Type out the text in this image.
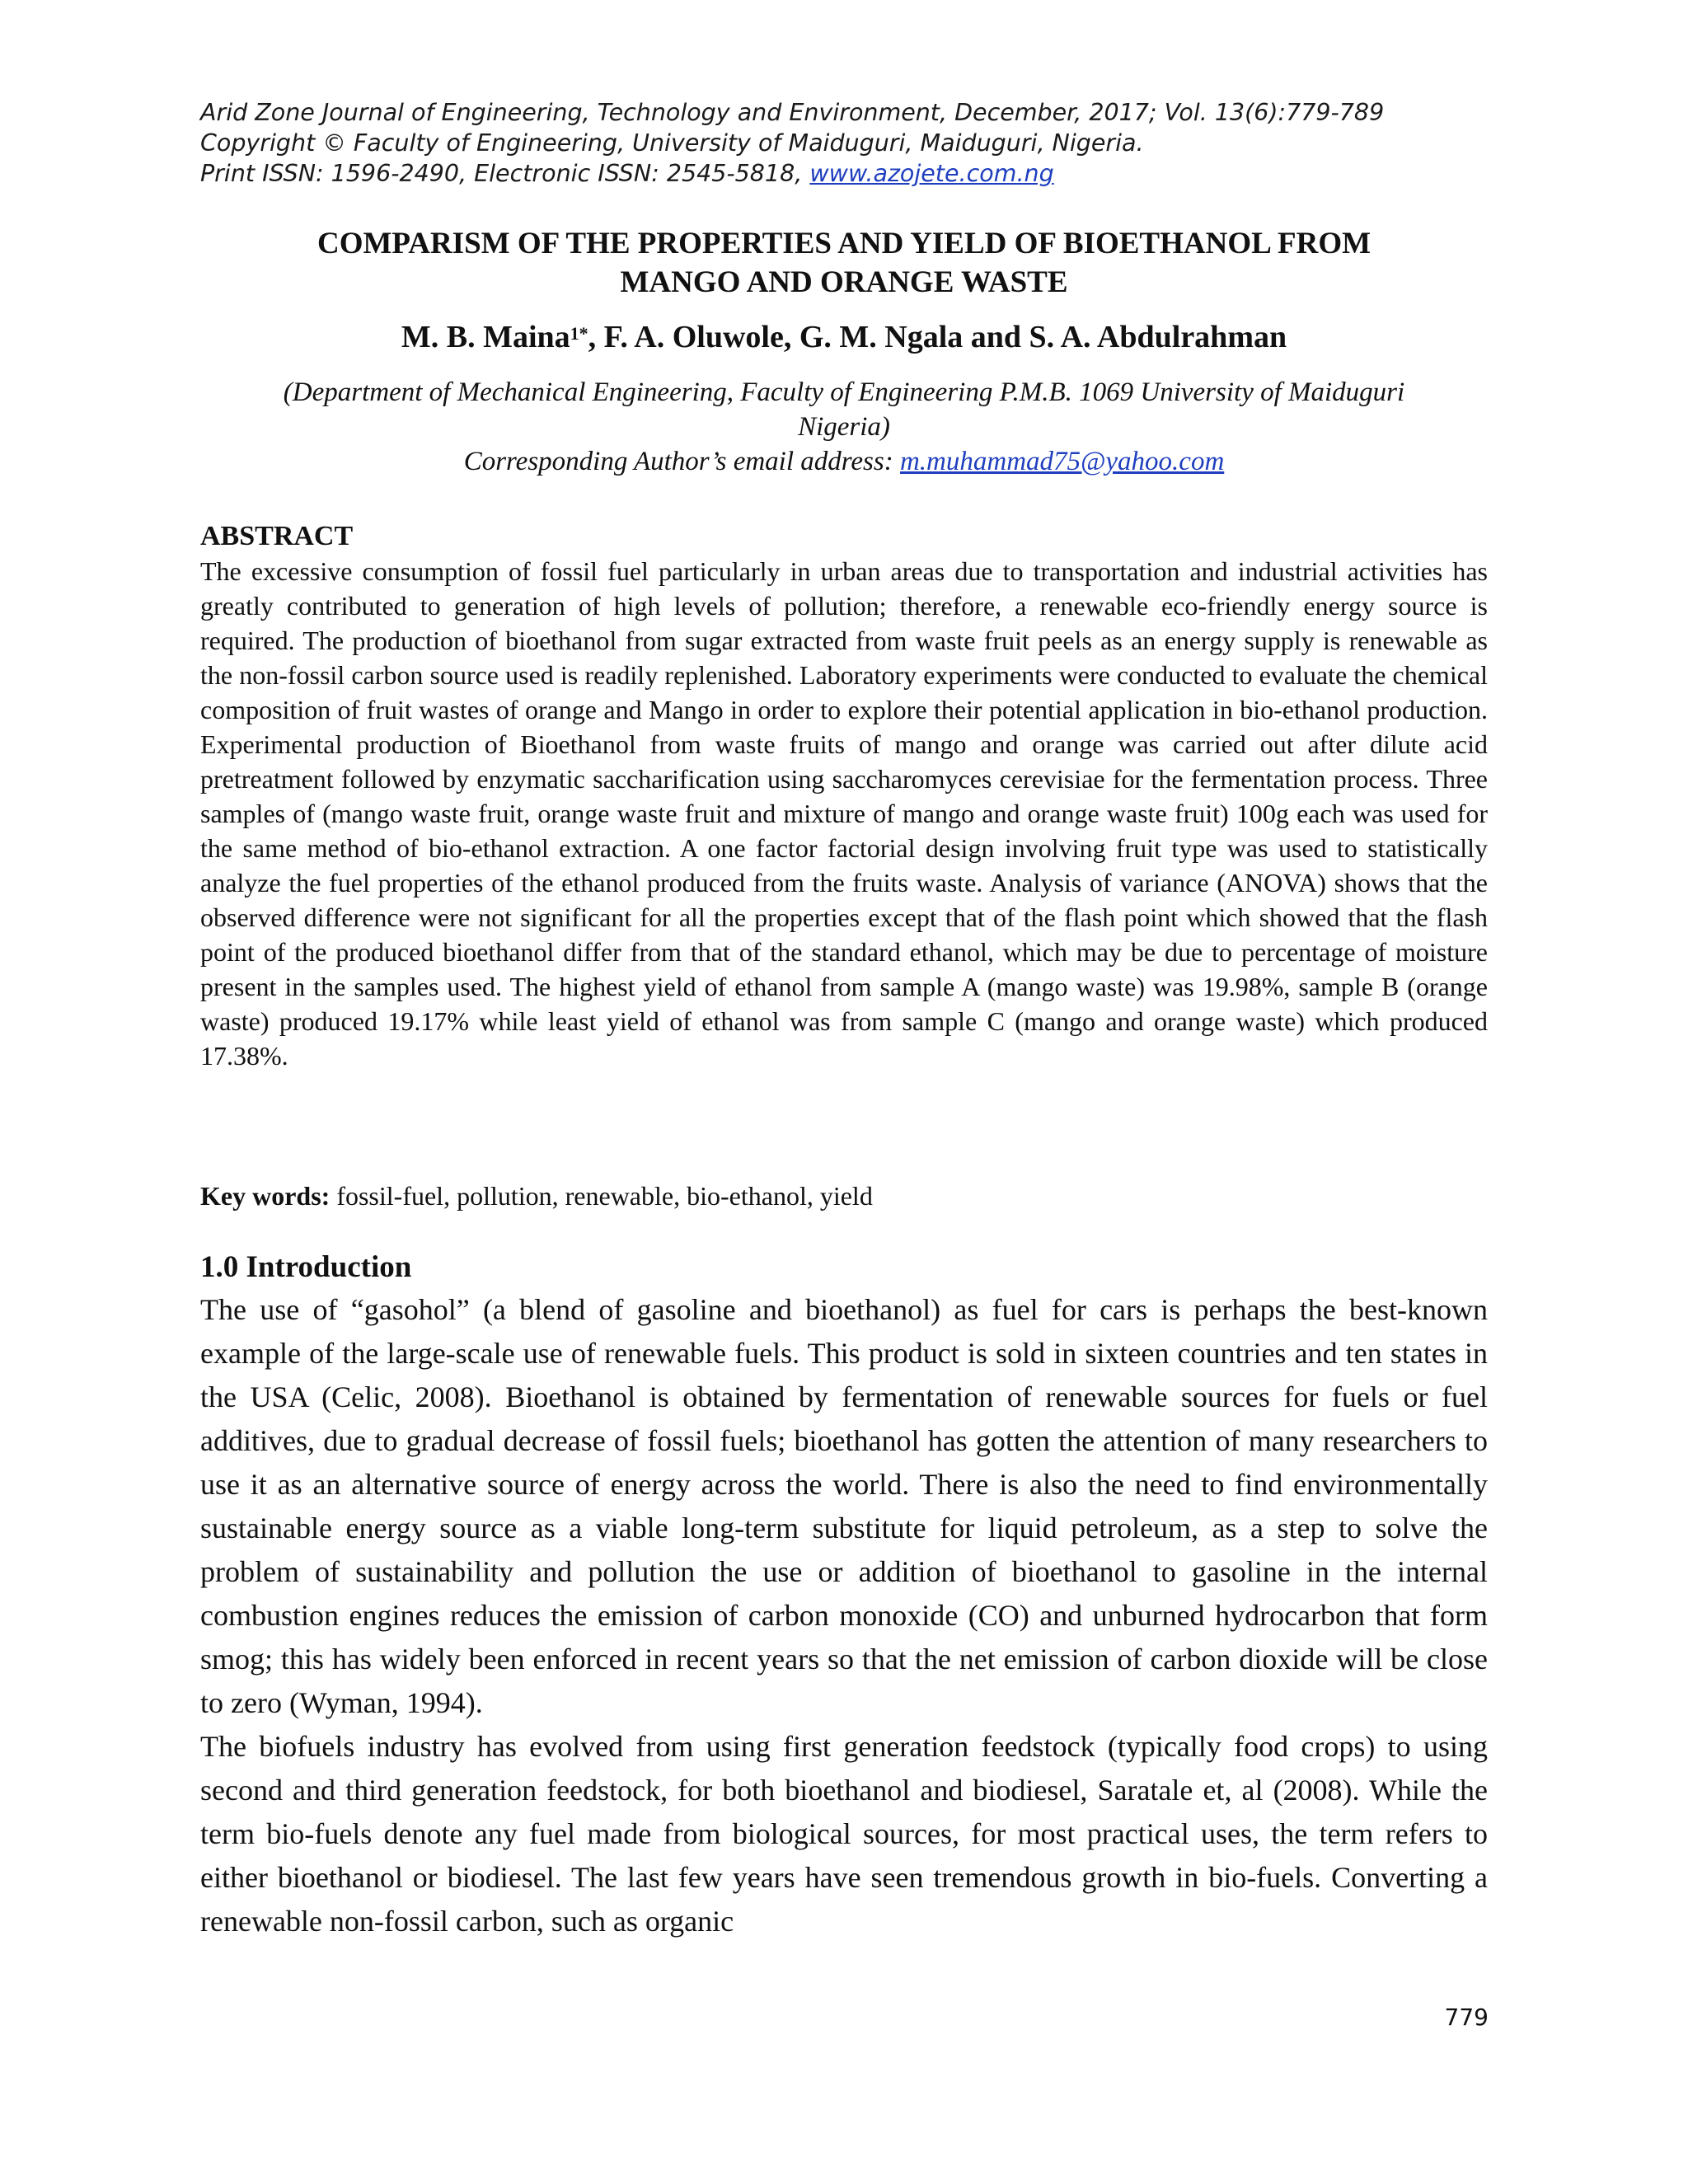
Arid Zone Journal of Engineering, Technology and Environment, December, 2017; Vol. 13(6):779-789
Copyright © Faculty of Engineering, University of Maiduguri, Maiduguri, Nigeria.
Print ISSN: 1596-2490, Electronic ISSN: 2545-5818, www.azojete.com.ng
COMPARISM OF THE PROPERTIES AND YIELD OF BIOETHANOL FROM
MANGO AND ORANGE WASTE
M. B. Maina$^{1*}$, F. A. Oluwole, G. M. Ngala and S. A. Abdulrahman
(Department of Mechanical Engineering, Faculty of Engineering P.M.B. 1069 University of Maiduguri
Nigeria)
Corresponding Author’s email address: m.muhammad75@yahoo.com
ABSTRACT
The excessive consumption of fossil fuel particularly in urban areas due to transportation and industrial activities has greatly contributed to generation of high levels of pollution; therefore, a renewable eco-friendly energy source is required. The production of bioethanol from sugar extracted from waste fruit peels as an energy supply is renewable as the non-fossil carbon source used is readily replenished. Laboratory experiments were conducted to evaluate the chemical composition of fruit wastes of orange and Mango in order to explore their potential application in bio-ethanol production. Experimental production of Bioethanol from waste fruits of mango and orange was carried out after dilute acid pretreatment followed by enzymatic saccharification using saccharomyces cerevisiae for the fermentation process. Three samples of (mango waste fruit, orange waste fruit and mixture of mango and orange waste fruit) 100g each was used for the same method of bio-ethanol extraction. A one factor factorial design involving fruit type was used to statistically analyze the fuel properties of the ethanol produced from the fruits waste. Analysis of variance (ANOVA) shows that the observed difference were not significant for all the properties except that of the flash point which showed that the flash point of the produced bioethanol differ from that of the standard ethanol, which may be due to percentage of moisture present in the samples used. The highest yield of ethanol from sample A (mango waste) was 19.98%, sample B (orange waste) produced 19.17% while least yield of ethanol was from sample C (mango and orange waste) which produced 17.38%.
Key words: fossil-fuel, pollution, renewable, bio-ethanol, yield
1.0 Introduction

The use of “gasohol” (a blend of gasoline and bioethanol) as fuel for cars is perhaps the best-known example of the large-scale use of renewable fuels. This product is sold in sixteen countries and ten states in the USA (Celic, 2008). Bioethanol is obtained by fermentation of renewable sources for fuels or fuel additives, due to gradual decrease of fossil fuels; bioethanol has gotten the attention of many researchers to use it as an alternative source of energy across the world. There is also the need to find environmentally sustainable energy source as a viable long-term substitute for liquid petroleum, as a step to solve the problem of sustainability and pollution the use or addition of bioethanol to gasoline in the internal combustion engines reduces the emission of carbon monoxide (CO) and unburned hydrocarbon that form smog; this has widely been enforced in recent years so that the net emission of carbon dioxide will be close to zero (Wyman, 1994).

The biofuels industry has evolved from using first generation feedstock (typically food crops) to using second and third generation feedstock, for both bioethanol and biodiesel, Saratale et, al (2008). While the term bio-fuels denote any fuel made from biological sources, for most practical uses, the term refers to either bioethanol or biodiesel. The last few years have seen tremendous growth in bio-fuels. Converting a renewable non-fossil carbon, such as organic

779
